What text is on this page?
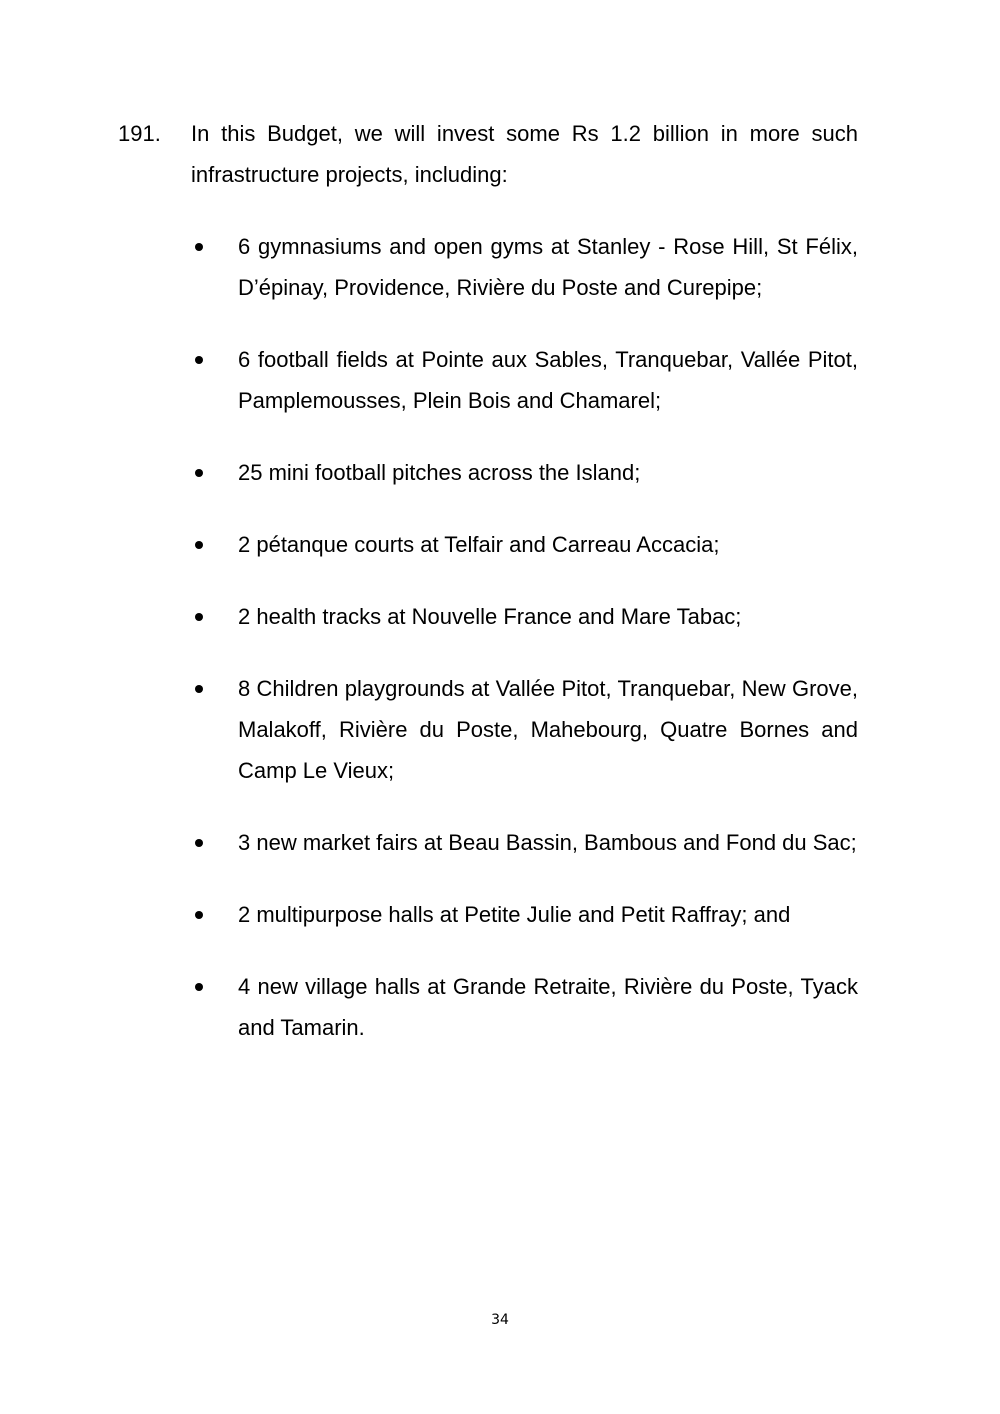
191. In this Budget, we will invest some Rs 1.2 billion in more such infrastructure projects, including:
6 gymnasiums and open gyms at Stanley - Rose Hill, St Félix, D’épinay, Providence, Rivière du Poste and Curepipe;
6 football fields at Pointe aux Sables, Tranquebar, Vallée Pitot, Pamplemousses, Plein Bois and Chamarel;
25 mini football pitches across the Island;
2 pétanque courts at Telfair and Carreau Accacia;
2 health tracks at Nouvelle France and Mare Tabac;
8 Children playgrounds at Vallée Pitot, Tranquebar, New Grove, Malakoff, Rivière du Poste, Mahebourg, Quatre Bornes and Camp Le Vieux;
3 new market fairs at Beau Bassin, Bambous and Fond du Sac;
2 multipurpose halls at Petite Julie and Petit Raffray; and
4 new village halls at Grande Retraite, Rivière du Poste, Tyack and Tamarin.
34
